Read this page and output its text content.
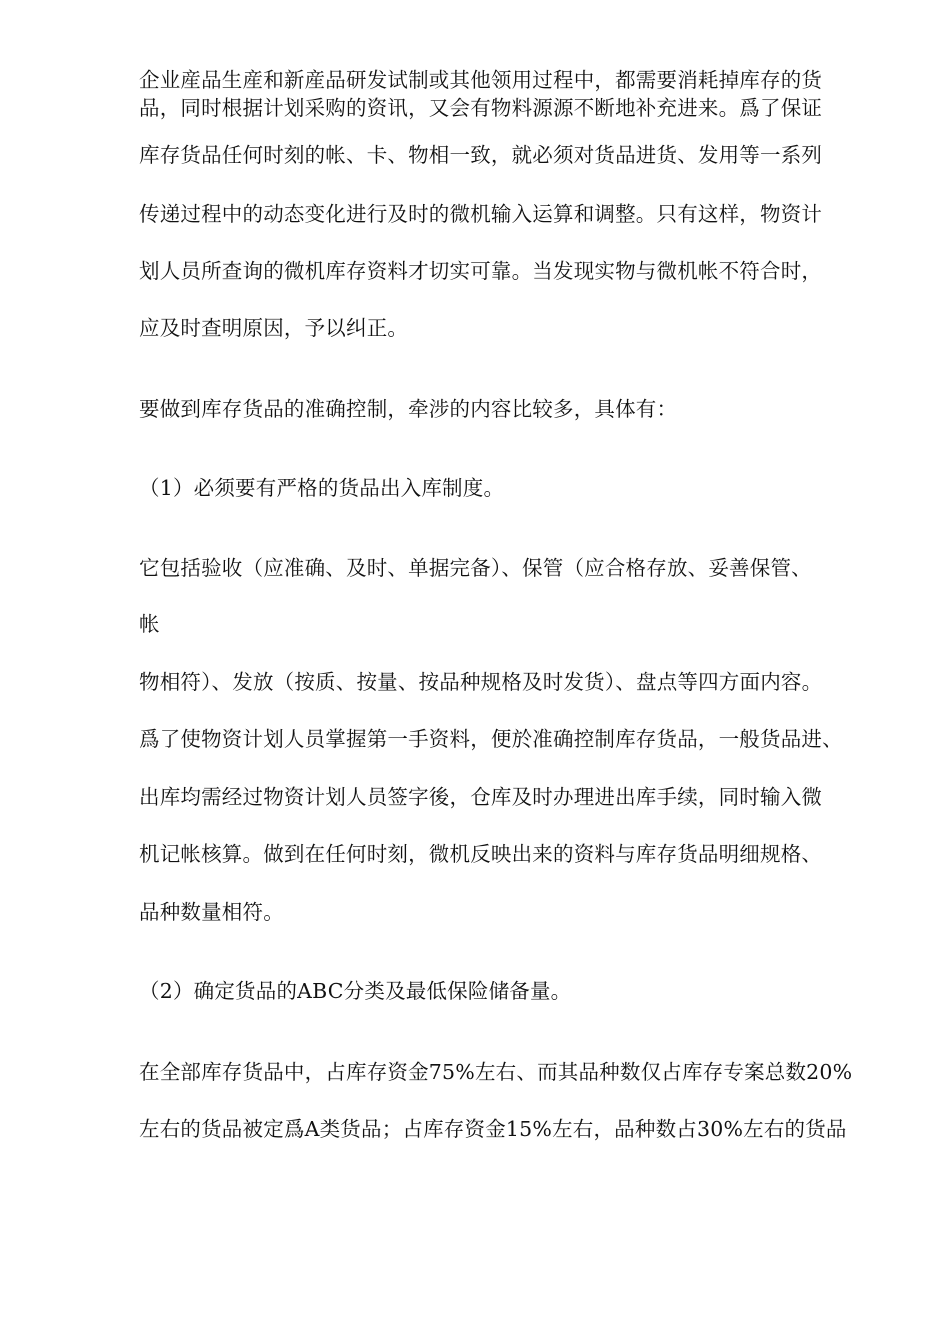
企业産品生産和新産品研发试制或其他领用过程中，都需要消耗掉库存的货
品，同时根据计划采购的资讯，又会有物料源源不断地补充进来。爲了保证
库存货品任何时刻的帐、卡、物相一致，就必须对货品进货、发用等一系列
传递过程中的动态变化进行及时的微机输入运算和调整。只有这样，物资计
划人员所查询的微机库存资料才切实可靠。当发现实物与微机帐不符合时，
应及时查明原因，予以纠正。
要做到库存货品的准确控制，牵涉的内容比较多，具体有：
（1）必须要有严格的货品出入库制度。
它包括验收（应准确、及时、单据完备）、保管（应合格存放、妥善保管、
帐
物相符）、发放（按质、按量、按品种规格及时发货）、盘点等四方面内容。
爲了使物资计划人员掌握第一手资料，便於准确控制库存货品，一般货品进、
出库均需经过物资计划人员签字後，仓库及时办理进出库手续，同时输入微
机记帐核算。做到在任何时刻，微机反映出来的资料与库存货品明细规格、
品种数量相符。
（2）确定货品的ABC分类及最低保险储备量。
在全部库存货品中，占库存资金75%左右、而其品种数仅占库存专案总数20%
左右的货品被定爲A类货品；占库存资金15%左右，品种数占30%左右的货品
